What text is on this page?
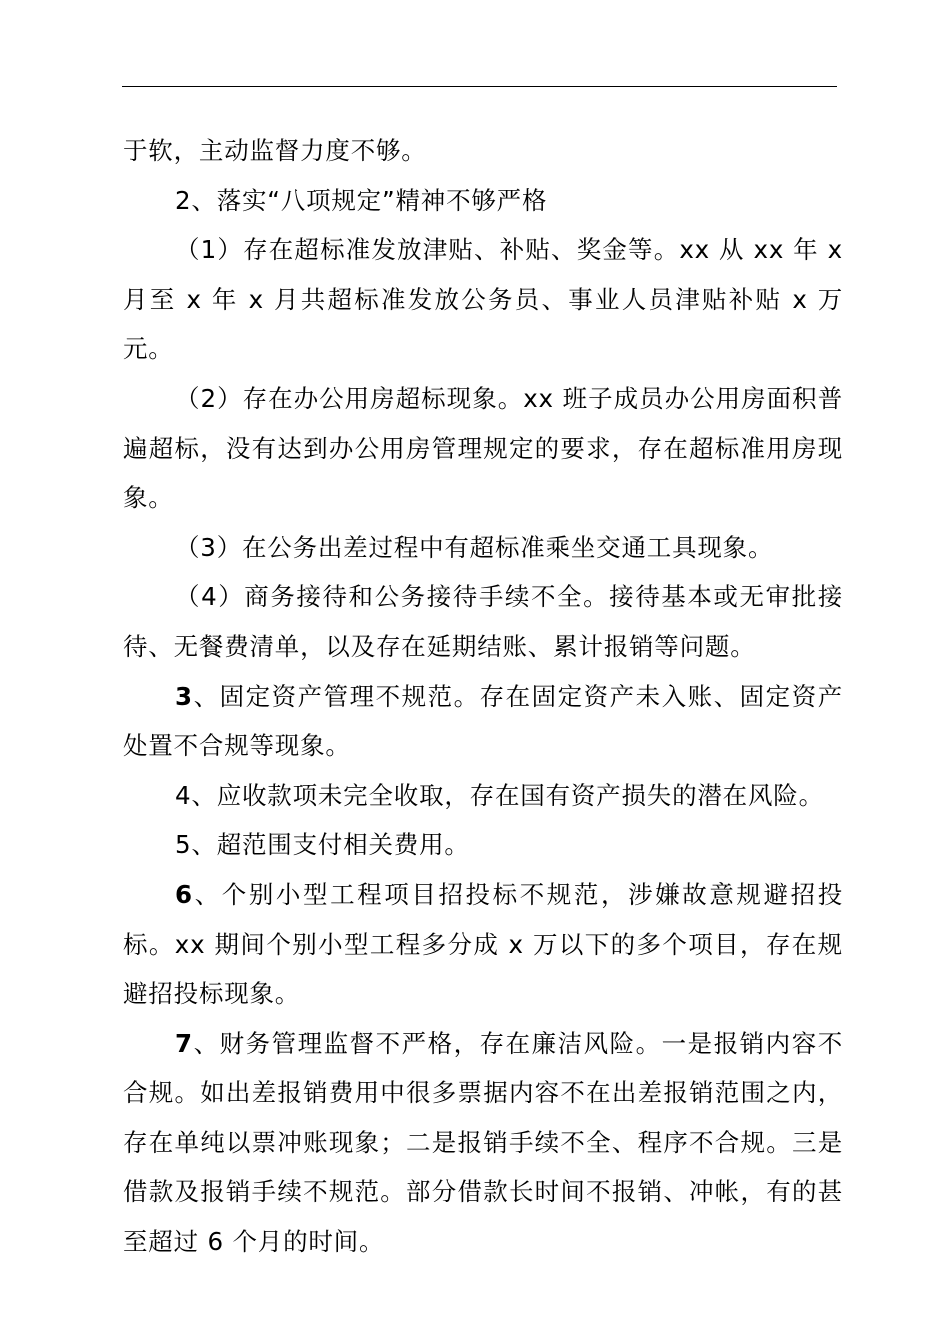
于软，主动监督力度不够。

2、落实“八项规定”精神不够严格

（1）存在超标准发放津贴、补贴、奖金等。xx 从 xx 年 x 月至 x 年 x 月共超标准发放公务员、事业人员津贴补贴 x 万元。

（2）存在办公用房超标现象。xx 班子成员办公用房面积普遍超标，没有达到办公用房管理规定的要求，存在超标准用房现象。

（3）在公务出差过程中有超标准乘坐交通工具现象。

（4）商务接待和公务接待手续不全。接待基本或无审批接待、无餐费清单，以及存在延期结账、累计报销等问题。

3、固定资产管理不规范。存在固定资产未入账、固定资产处置不合规等现象。

4、应收款项未完全收取，存在国有资产损失的潜在风险。

5、超范围支付相关费用。

6、个别小型工程项目招投标不规范，涉嫌故意规避招投标。xx 期间个别小型工程多分成 x 万以下的多个项目，存在规避招投标现象。

7、财务管理监督不严格，存在廉洁风险。一是报销内容不合规。如出差报销费用中很多票据内容不在出差报销范围之内，存在单纯以票冲账现象；二是报销手续不全、程序不合规。三是借款及报销手续不规范。部分借款长时间不报销、冲帐，有的甚至超过 6 个月的时间。
